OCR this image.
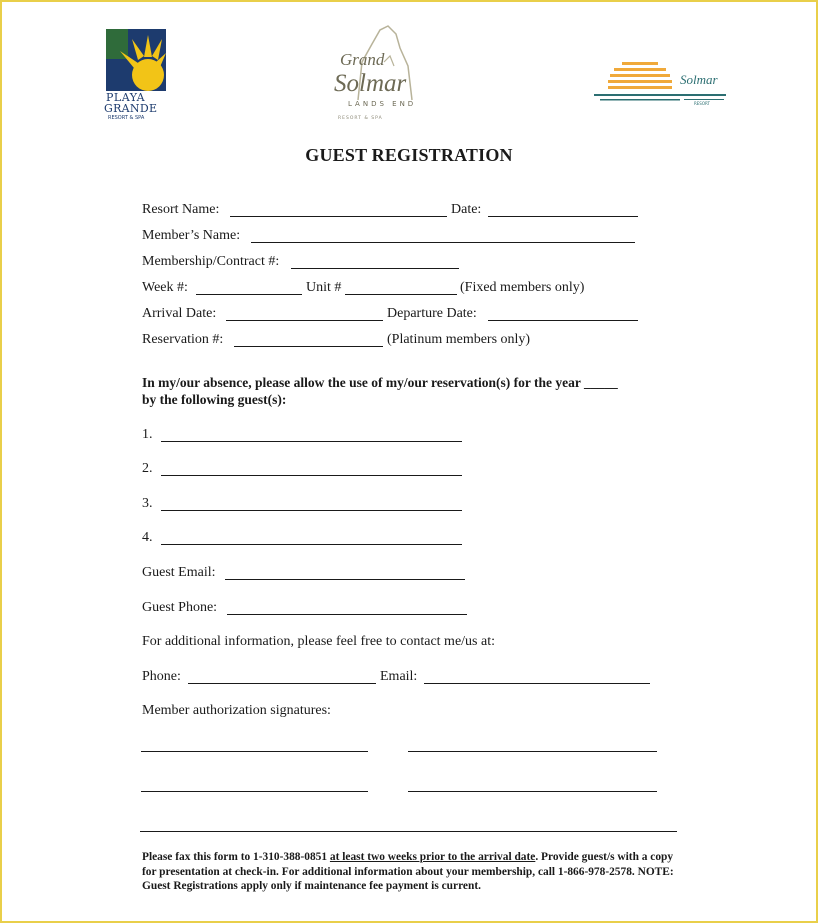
PLAYA
GRANDE
RESORT & SPA
Grand
Solmar
LANDS END
RESORT & SPA
Solmar
RESORT
GUEST REGISTRATION
Resort Name:	Date:
Member’s Name:
Membership/Contract #:
Week #:	Unit #	(Fixed members only)
Arrival Date:	Departure Date:
Reservation #:	(Platinum members only)
In my/our absence, please allow the use of my/our reservation(s) for the year _____
by the following guest(s):
1.
2.
3.
4.
Guest Email:
Guest Phone:
For additional information, please feel free to contact me/us at:
Phone:	Email:
Member authorization signatures:
Please fax this form to 1-310-388-0851 at least two weeks prior to the arrival date. Provide guest/s with a copy for presentation at check-in. For additional information about your membership, call 1-866-978-2578. NOTE: Guest Registrations apply only if maintenance fee payment is current.
